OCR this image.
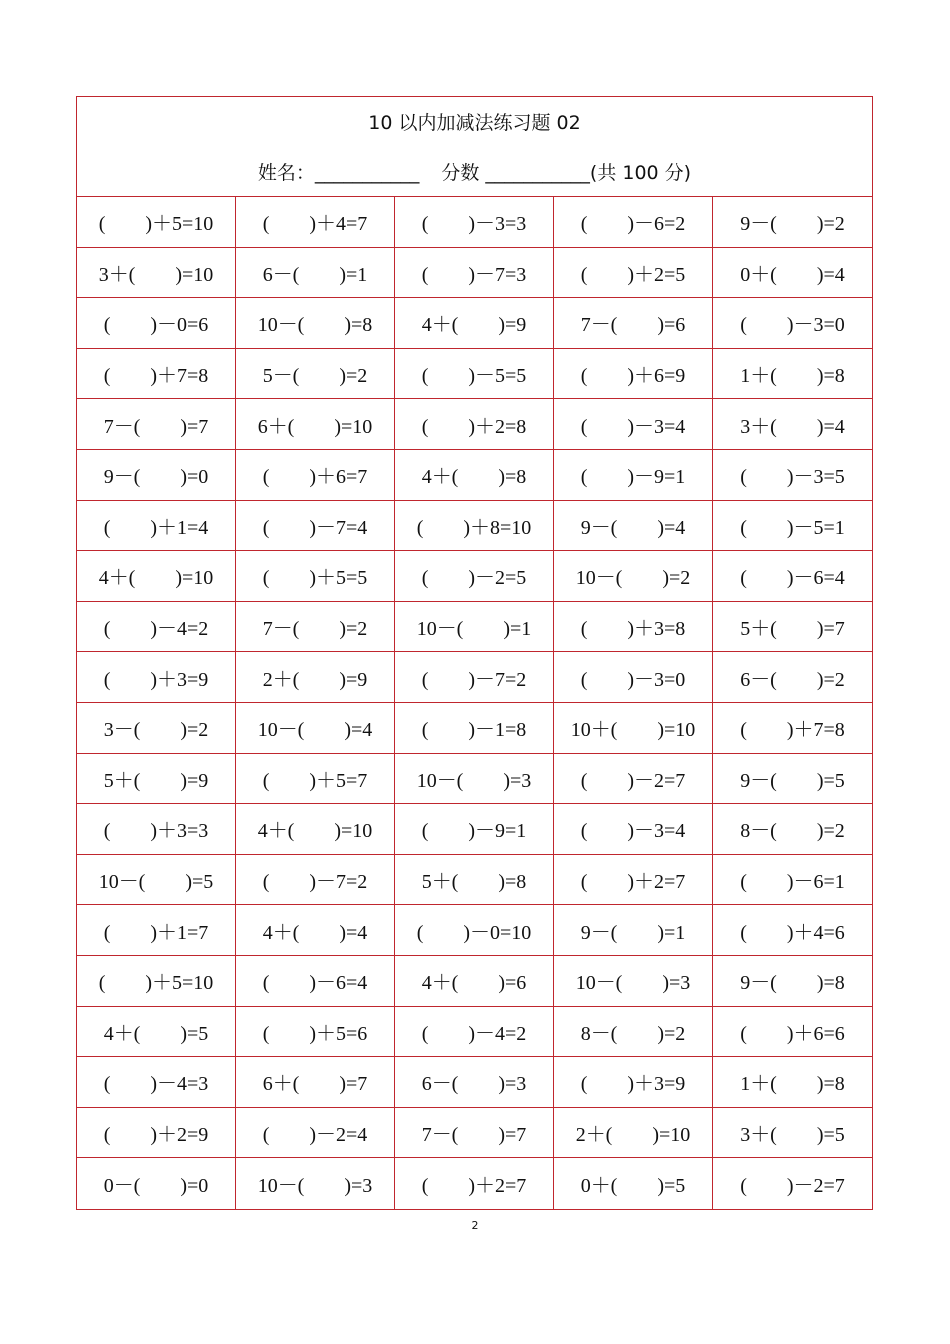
10 以内加减法练习题 02
姓名：___________ 分数 ___________(共 100 分)
(　　)＋5=10	(　　)＋4=7	(　　)－3=3	(　　)－6=2	9－(　　)=2
3＋(　　)=10	6－(　　)=1	(　　)－7=3	(　　)＋2=5	0＋(　　)=4
(　　)－0=6	10－(　　)=8	4＋(　　)=9	7－(　　)=6	(　　)－3=0
(　　)＋7=8	5－(　　)=2	(　　)－5=5	(　　)＋6=9	1＋(　　)=8
7－(　　)=7	6＋(　　)=10	(　　)＋2=8	(　　)－3=4	3＋(　　)=4
9－(　　)=0	(　　)＋6=7	4＋(　　)=8	(　　)－9=1	(　　)－3=5
(　　)＋1=4	(　　)－7=4	(　　)＋8=10	9－(　　)=4	(　　)－5=1
4＋(　　)=10	(　　)＋5=5	(　　)－2=5	10－(　　)=2	(　　)－6=4
(　　)－4=2	7－(　　)=2	10－(　　)=1	(　　)＋3=8	5＋(　　)=7
(　　)＋3=9	2＋(　　)=9	(　　)－7=2	(　　)－3=0	6－(　　)=2
3－(　　)=2	10－(　　)=4	(　　)－1=8	10＋(　　)=10	(　　)＋7=8
5＋(　　)=9	(　　)＋5=7	10－(　　)=3	(　　)－2=7	9－(　　)=5
(　　)＋3=3	4＋(　　)=10	(　　)－9=1	(　　)－3=4	8－(　　)=2
10－(　　)=5	(　　)－7=2	5＋(　　)=8	(　　)＋2=7	(　　)－6=1
(　　)＋1=7	4＋(　　)=4	(　　)－0=10	9－(　　)=1	(　　)＋4=6
(　　)＋5=10	(　　)－6=4	4＋(　　)=6	10－(　　)=3	9－(　　)=8
4＋(　　)=5	(　　)＋5=6	(　　)－4=2	8－(　　)=2	(　　)＋6=6
(　　)－4=3	6＋(　　)=7	6－(　　)=3	(　　)＋3=9	1＋(　　)=8
(　　)＋2=9	(　　)－2=4	7－(　　)=7	2＋(　　)=10	3＋(　　)=5
0－(　　)=0	10－(　　)=3	(　　)＋2=7	0＋(　　)=5	(　　)－2=7
2
